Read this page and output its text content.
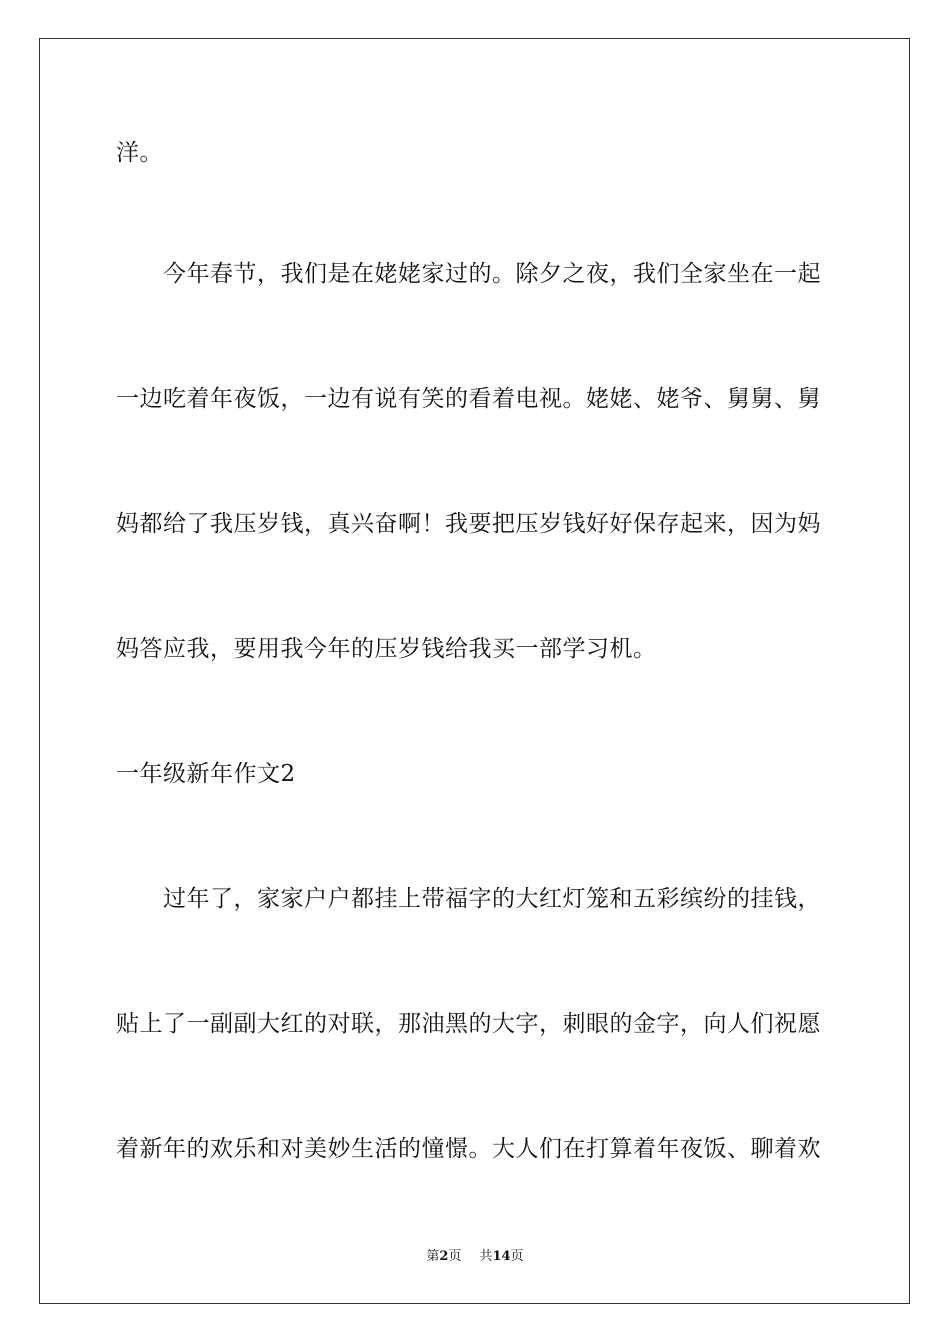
洋。
　　今年春节，我们是在姥姥家过的。除夕之夜，我们全家坐在一起
一边吃着年夜饭，一边有说有笑的看着电视。姥姥、姥爷、舅舅、舅
妈都给了我压岁钱，真兴奋啊！我要把压岁钱好好保存起来，因为妈
妈答应我，要用我今年的压岁钱给我买一部学习机。
一年级新年作文2
　　过年了，家家户户都挂上带福字的大红灯笼和五彩缤纷的挂钱，
贴上了一副副大红的对联，那油黑的大字，刺眼的金字，向人们祝愿
着新年的欢乐和对美妙生活的憧憬。大人们在打算着年夜饭、聊着欢
第2页 共14页
